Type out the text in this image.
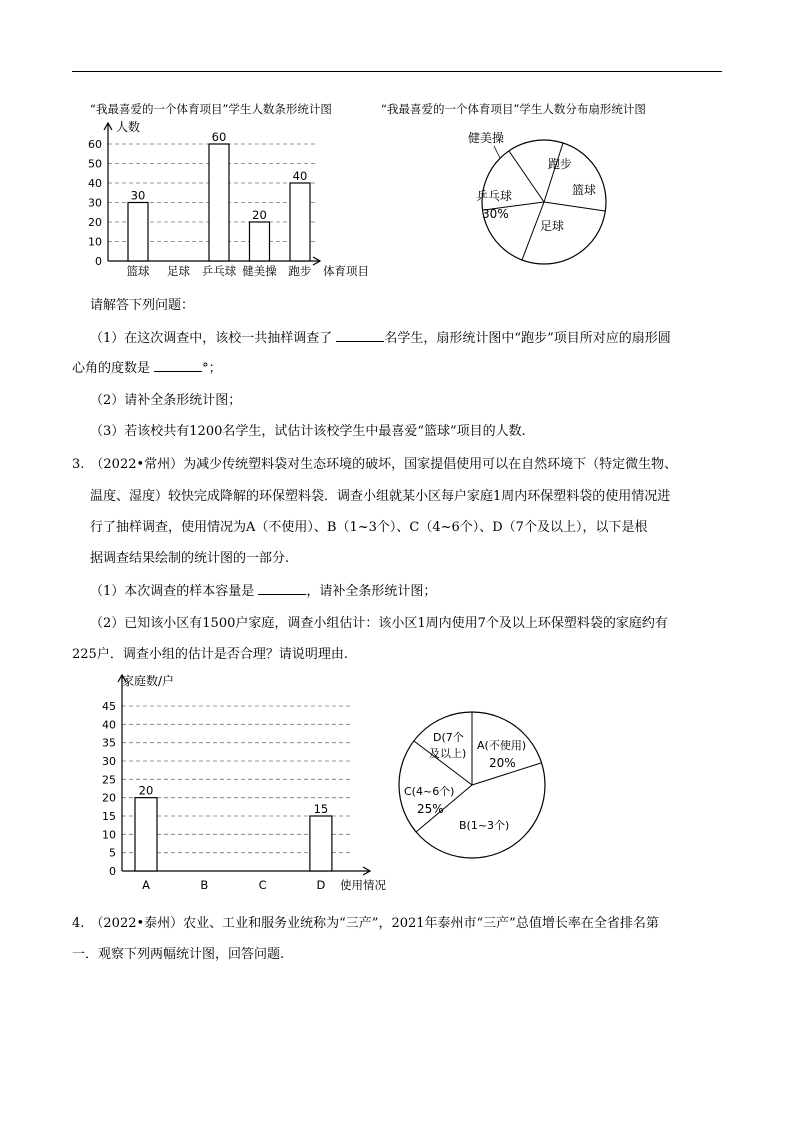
“我最喜爱的一个体育项目”学生人数条形统计图	“我最喜爱的一个体育项目”学生人数分布扇形统计图
0
10
20
30
40
50
60
人数
体育项目
篮球
30
足球 乒乓球
60
健美操
20
跑步
40
健美操
跑步
篮球
足球
乒乓球
30%
请解答下列问题：
（1）在这次调查中，该校一共抽样调查了	名学生，扇形统计图中“跑步”项目所对应的扇形圆
心角的度数是	°；
（2）请补全条形统计图；
（3）若该校共有1200名学生，试估计该校学生中最喜爱“篮球”项目的人数.
3. （2022•常州）为减少传统塑料袋对生态环境的破坏，国家提倡使用可以在自然环境下（特定微生物、
温度、湿度）较快完成降解的环保塑料袋．调查小组就某小区每户家庭1周内环保塑料袋的使用情况进
行了抽样调查，使用情况为A（不使用）、B（1~3个）、C（4~6个）、D（7个及以上），以下是根
据调查结果绘制的统计图的一部分.
（1）本次调查的样本容量是	，请补全条形统计图；
（2）已知该小区有1500户家庭，调查小组估计：该小区1周内使用7个及以上环保塑料袋的家庭约有
225户．调查小组的估计是否合理？请说明理由.
0
5
10
15
20
25
30
35
40
45
家庭数/户
使用情况
A
20
B	C	D
15
A(不使用)
20%
B(1~3个)
C(4~6个)
25%
D(7个
及以上)
4. （2022•泰州）农业、工业和服务业统称为“三产”，2021年泰州市“三产”总值增长率在全省排名第
一．观察下列两幅统计图，回答问题.
